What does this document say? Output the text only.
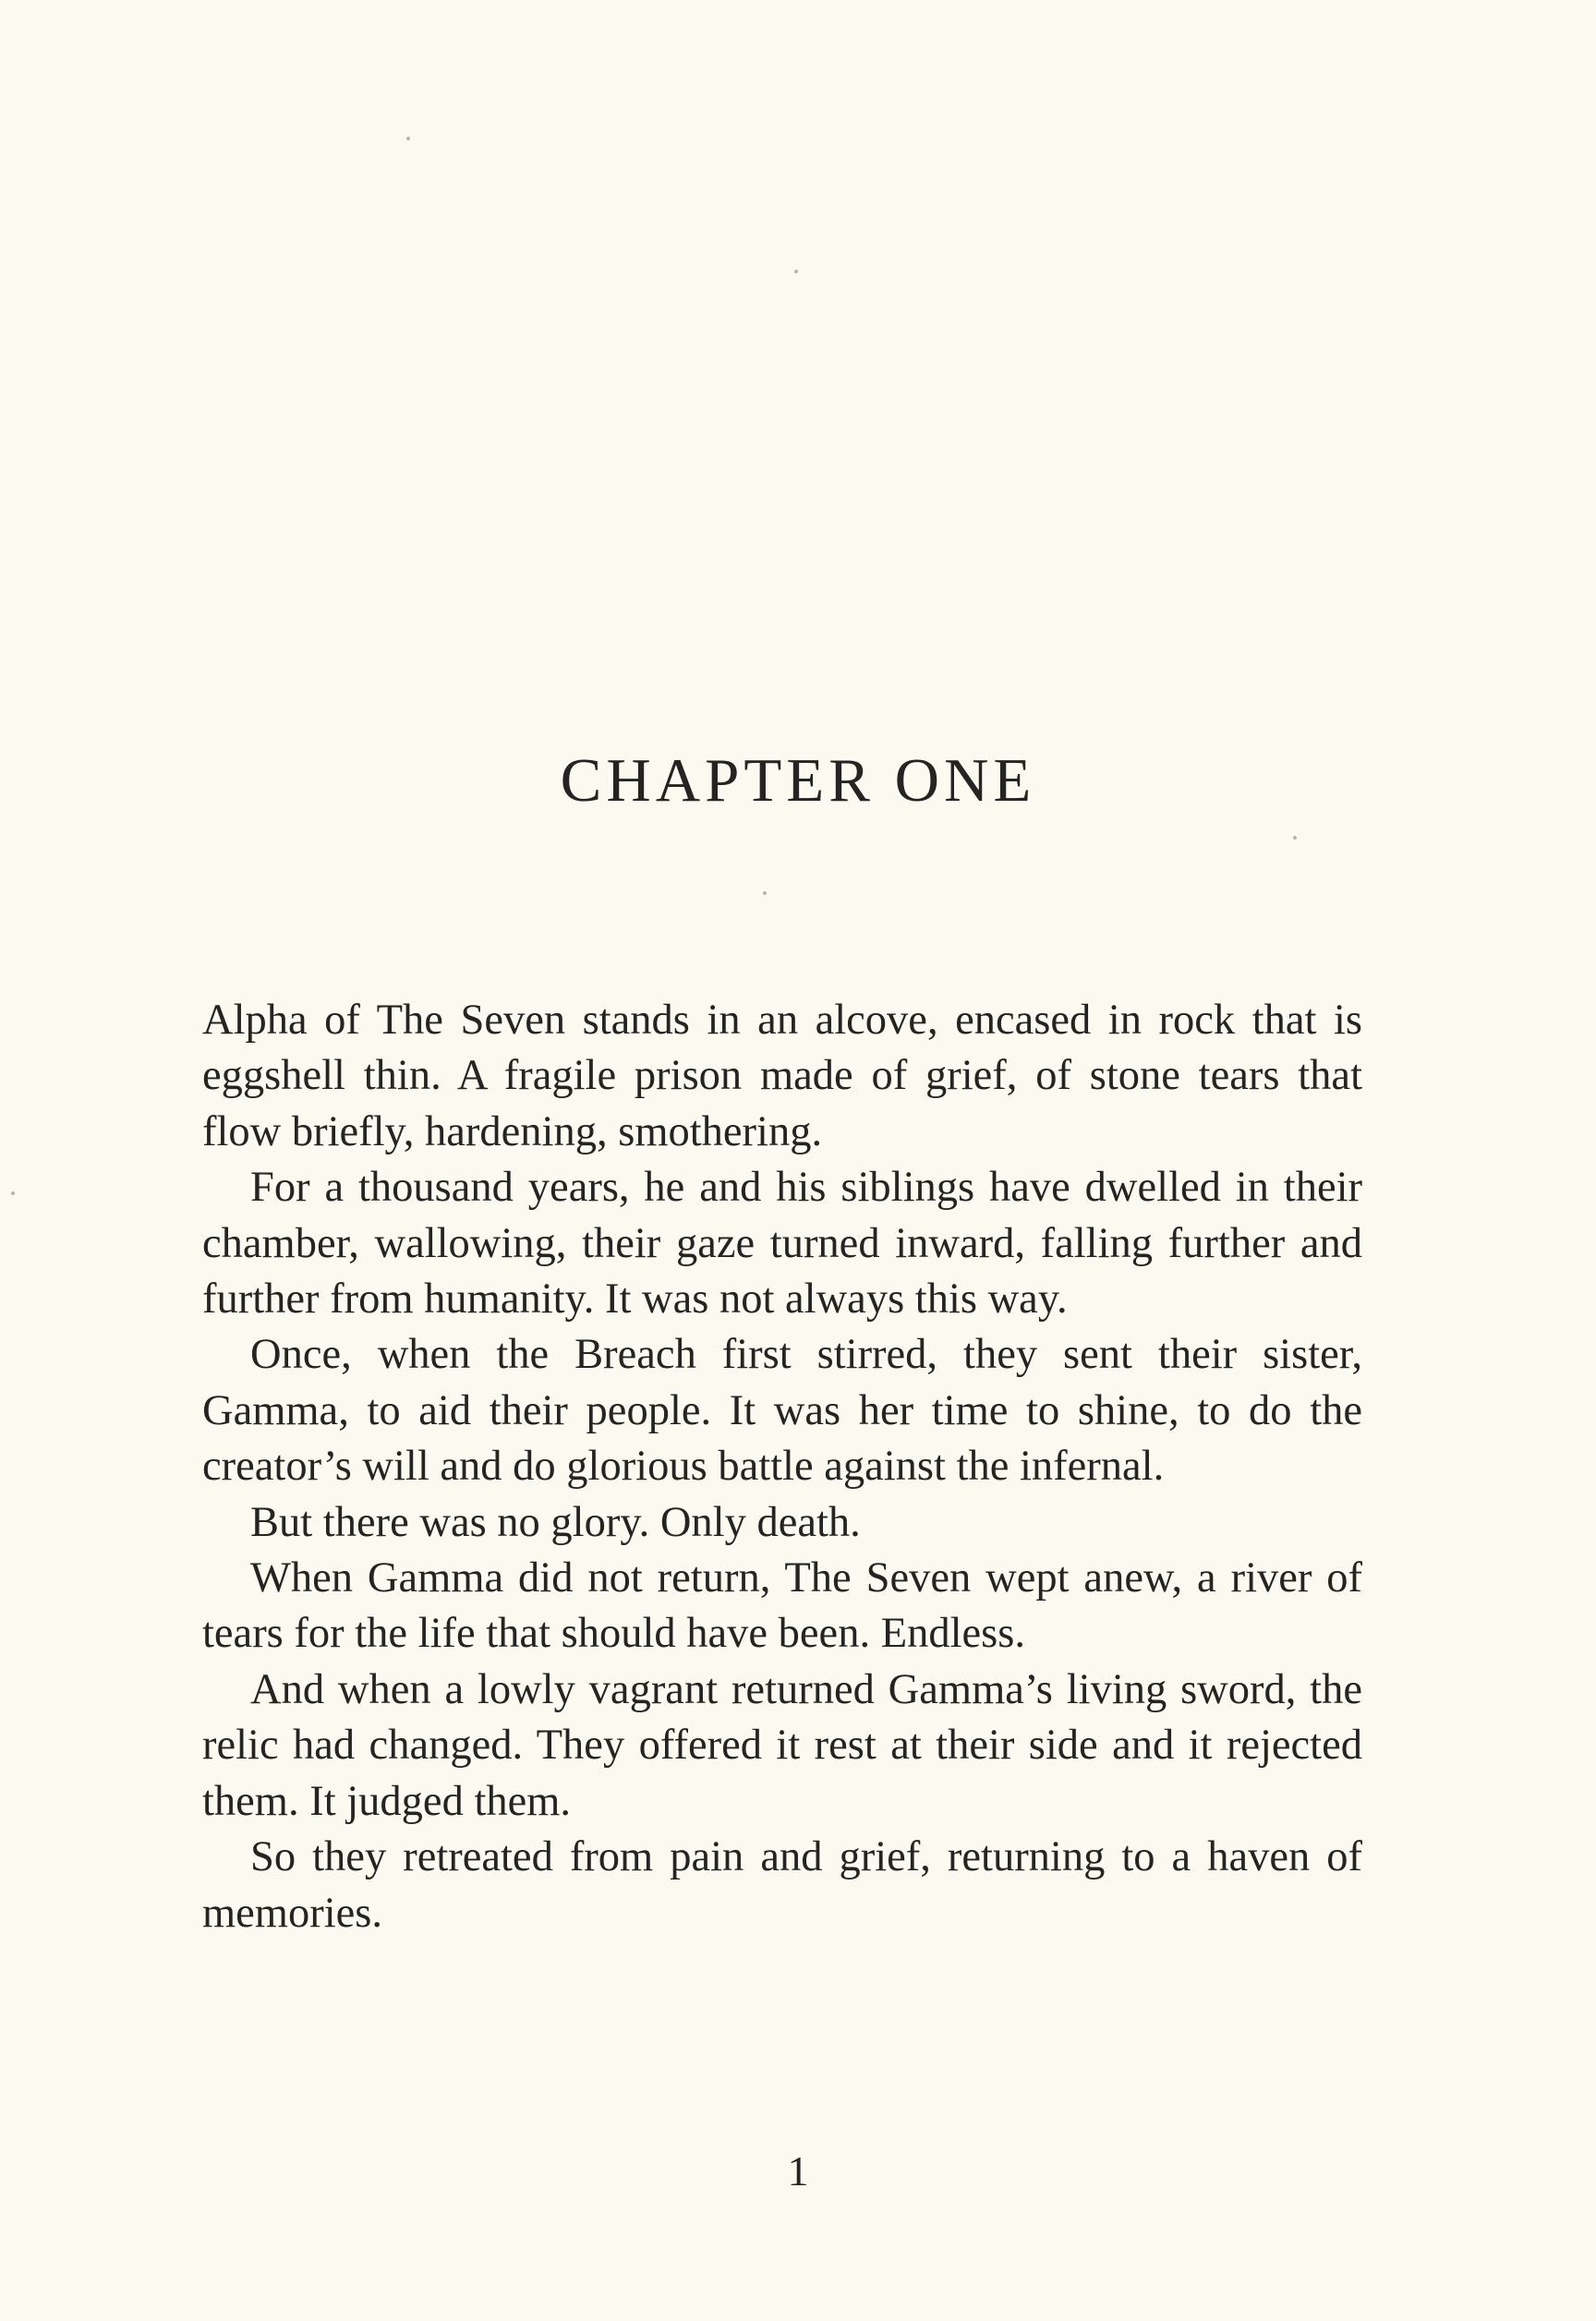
CHAPTER ONE

Alpha of The Seven stands in an alcove, encased in rock that is eggshell thin. A fragile prison made of grief, of stone tears that flow briefly, hardening, smothering.

For a thousand years, he and his siblings have dwelled in their chamber, wallowing, their gaze turned inward, falling further and further from humanity. It was not always this way.

Once, when the Breach first stirred, they sent their sister, Gamma, to aid their people. It was her time to shine, to do the creator’s will and do glorious battle against the infernal.

But there was no glory. Only death.

When Gamma did not return, The Seven wept anew, a river of tears for the life that should have been. Endless.

And when a lowly vagrant returned Gamma’s living sword, the relic had changed. They offered it rest at their side and it rejected them. It judged them.

So they retreated from pain and grief, returning to a haven of memories.

1
